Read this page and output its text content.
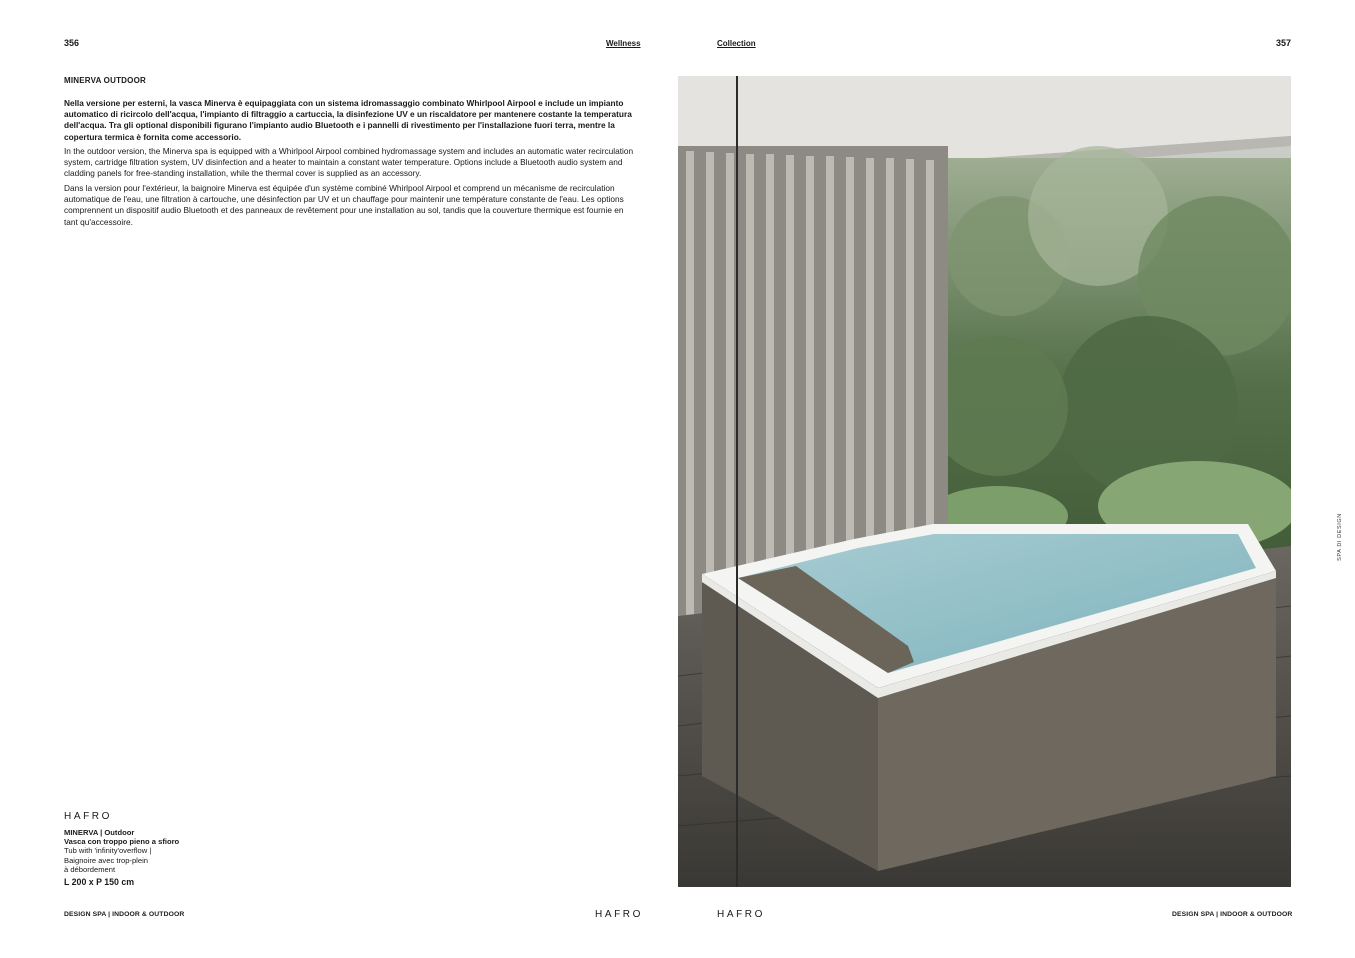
356	Wellness	Collection	357
MINERVA OUTDOOR

Nella versione per esterni, la vasca Minerva è equipaggiata con un sistema idromassaggio combinato Whirlpool Airpool e include un impianto automatico di ricircolo dell'acqua, l'impianto di filtraggio a cartuccia, la disinfezione UV e un riscaldatore per mantenere costante la temperatura dell'acqua. Tra gli optional disponibili figurano l'impianto audio Bluetooth e i pannelli di rivestimento per l'installazione fuori terra, mentre la copertura termica è fornita come accessorio.

In the outdoor version, the Minerva spa is equipped with a Whirlpool Airpool combined hydromassage system and includes an automatic water recirculation system, cartridge filtration system, UV disinfection and a heater to maintain a constant water temperature. Options include a Bluetooth audio system and cladding panels for free-standing installation, while the thermal cover is supplied as an accessory.

Dans la version pour l'extérieur, la baignoire Minerva est équipée d'un système combiné Whirlpool Airpool et comprend un mécanisme de recirculation automatique de l'eau, une filtration à cartouche, une désinfection par UV et un chauffage pour maintenir une température constante de l'eau. Les options comprennent un dispositif audio Bluetooth et des panneaux de revêtement pour une installation au sol, tandis que la couverture thermique est fournie en tant qu'accessoire.

HAFRO
MINERVA | Outdoor
Vasca con troppo pieno a sfioro
Tub with 'infinity'overflow |
Baignoire avec trop-plein
à débordement
L 200 x P 150 cm
SPA DI DESIGN
DESIGN SPA | INDOOR & OUTDOOR	HAFRO	HAFRO	DESIGN SPA | INDOOR & OUTDOOR
